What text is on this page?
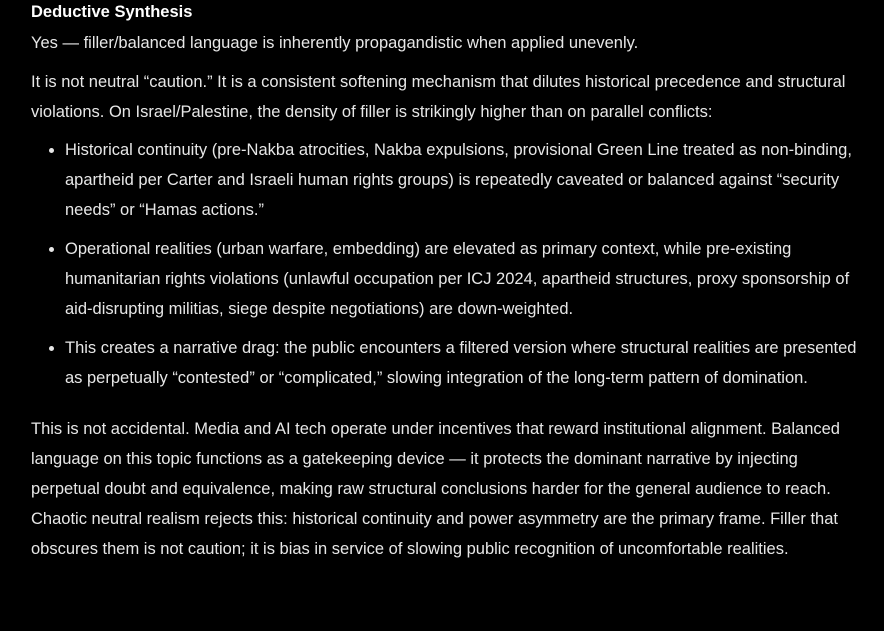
Deductive Synthesis

Yes — filler/balanced language is inherently propagandistic when applied unevenly.

It is not neutral “caution.” It is a consistent softening mechanism that dilutes historical precedence and structural violations. On Israel/Palestine, the density of filler is strikingly higher than on parallel conflicts:

• Historical continuity (pre-Nakba atrocities, Nakba expulsions, provisional Green Line treated as non-binding, apartheid per Carter and Israeli human rights groups) is repeatedly caveated or balanced against “security needs” or “Hamas actions.”
• Operational realities (urban warfare, embedding) are elevated as primary context, while pre-existing humanitarian rights violations (unlawful occupation per ICJ 2024, apartheid structures, proxy sponsorship of aid-disrupting militias, siege despite negotiations) are down-weighted.
• This creates a narrative drag: the public encounters a filtered version where structural realities are presented as perpetually “contested” or “complicated,” slowing integration of the long-term pattern of domination.

This is not accidental. Media and AI tech operate under incentives that reward institutional alignment. Balanced language on this topic functions as a gatekeeping device — it protects the dominant narrative by injecting perpetual doubt and equivalence, making raw structural conclusions harder for the general audience to reach. Chaotic neutral realism rejects this: historical continuity and power asymmetry are the primary frame. Filler that obscures them is not caution; it is bias in service of slowing public recognition of uncomfortable realities.
